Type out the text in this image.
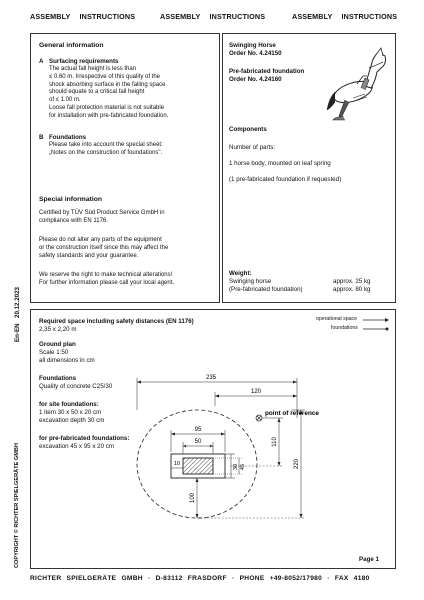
ASSEMBLY INSTRUCTIONS	ASSEMBLY INSTRUCTIONS	ASSEMBLY INSTRUCTIONS
20.12.2023
En-EN
COPYRIGHT © RICHTER SPIELGERÄTE GMBH
General information
A Surfacing requirements

The actual fall height is less than

≤ 0.60 m. Irrespective of this quality of the

shock absorbing surface in the falling space

should equate to a critical fall height

of ≤ 1.00 m.

Loose fall protection material is not suitable

for installation with pre-fabricated foundation.

B Foundations

Please take into account the special sheet:

„Notes on the construction of foundations".

Special information

Certified by TÜV Süd Product Service GmbH in

compliance with EN 1176.

Please do not alter any parts of the equipment

or the construction itself since this may affect the

safety standards and your guarantee.

We reserve the right to make technical alterations!

For further information please call your local agent.

Swinging Horse
Order No. 4.24150
Pre-fabricated foundation
Order No. 4.24160
Components
Number of parts:
1 horse body, mounted on leaf spring
(1 pre-fabricated foundation if requested)
Weight:
Swinging horse	approx. 25 kg
(Pre-fabricated foundation)	approx. 80 kg
Required space including safety distances (EN 1176)
2,35 x 2,20 m
operational space
foundations
Ground plan
Scale 1:50
all dimensions in cm
Foundations
Quality of concrete C25/30
for site foundations:
1 item 30 x 50 x 20 cm
excavation depth 30 cm
for pre-fabricated foundations:
excavation 45 x 95 x 20 cm
235
120
95
50
10	30 45
110
220
100
point of reference
Page 1
RICHTER SPIELGERÄTE GMBH · D-83112 FRASDORF · PHONE +49-8052/17980 · FAX 4180
